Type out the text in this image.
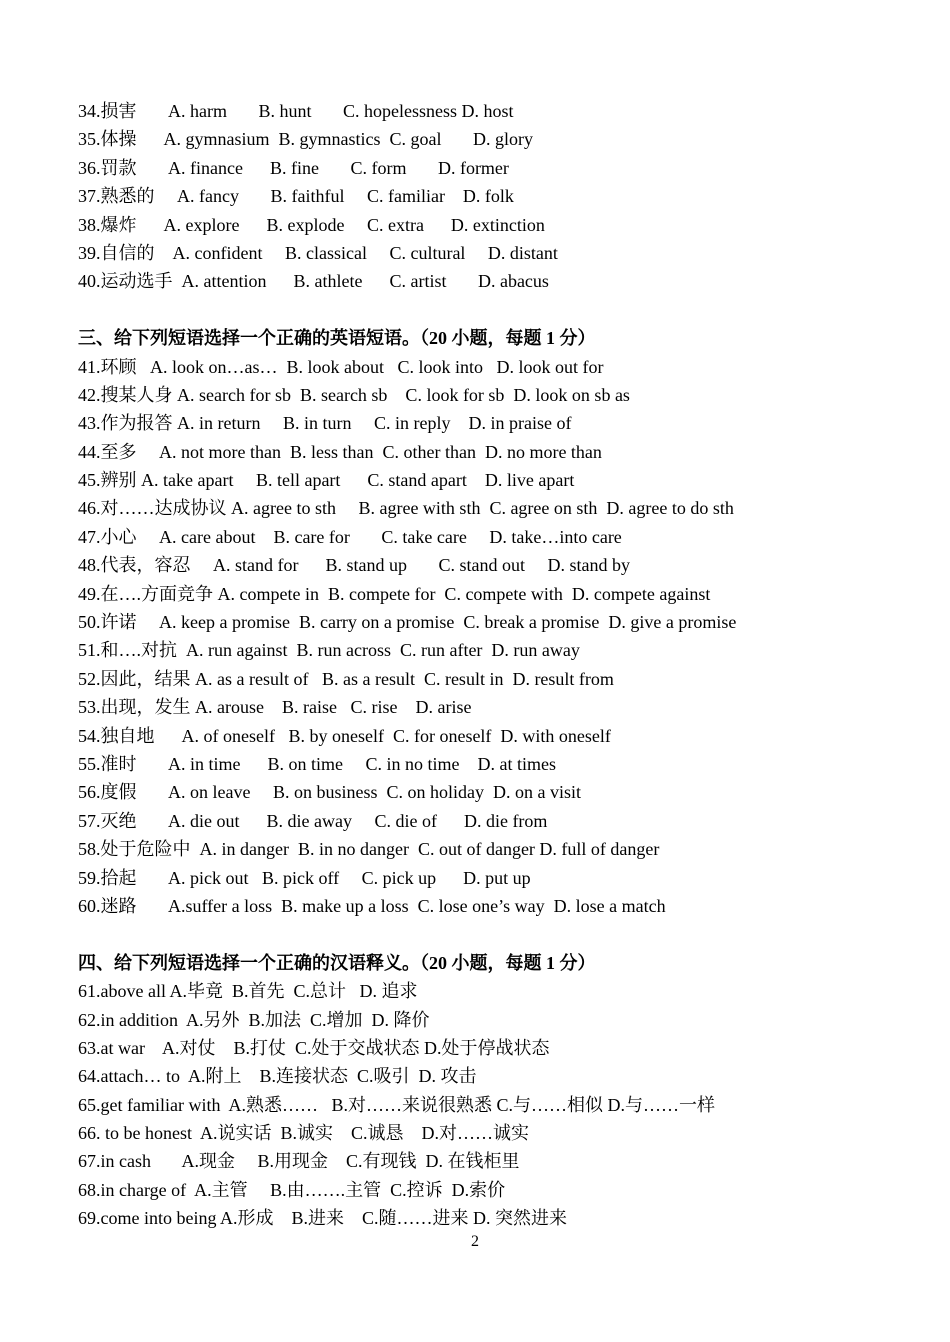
34.损害       A. harm       B. hunt       C. hopelessness D. host
35.体操      A. gymnasium  B. gymnastics  C. goal       D. glory
36.罚款       A. finance      B. fine       C. form       D. former
37.熟悉的     A. fancy       B. faithful     C. familiar    D. folk
38.爆炸      A. explore      B. explode     C. extra      D. extinction
39.自信的    A. confident     B. classical     C. cultural     D. distant
40.运动选手  A. attention      B. athlete      C. artist       D. abacus
三、给下列短语选择一个正确的英语短语。（20 小题，每题 1 分）
41.环顾   A. look on…as…  B. look about   C. look into   D. look out for
42.搜某人身 A. search for sb  B. search sb    C. look for sb  D. look on sb as
43.作为报答 A. in return     B. in turn     C. in reply    D. in praise of
44.至多     A. not more than  B. less than  C. other than  D. no more than
45.辨别 A. take apart     B. tell apart      C. stand apart    D. live apart
46.对……达成协议 A. agree to sth     B. agree with sth  C. agree on sth  D. agree to do sth
47.小心     A. care about    B. care for       C. take care     D. take…into care
48.代表，容忍     A. stand for      B. stand up       C. stand out     D. stand by
49.在….方面竞争 A. compete in  B. compete for  C. compete with  D. compete against
50.许诺     A. keep a promise  B. carry on a promise  C. break a promise  D. give a promise
51.和….对抗  A. run against  B. run across  C. run after  D. run away
52.因此，结果 A. as a result of   B. as a result  C. result in  D. result from
53.出现，发生 A. arouse    B. raise   C. rise    D. arise
54.独自地      A. of oneself   B. by oneself  C. for oneself  D. with oneself
55.准时       A. in time      B. on time     C. in no time    D. at times
56.度假       A. on leave     B. on business  C. on holiday  D. on a visit
57.灭绝       A. die out      B. die away     C. die of      D. die from
58.处于危险中  A. in danger  B. in no danger  C. out of danger D. full of danger
59.拾起       A. pick out   B. pick off     C. pick up      D. put up
60.迷路       A.suffer a loss  B. make up a loss  C. lose one’s way  D. lose a match
四、给下列短语选择一个正确的汉语释义。（20 小题，每题 1 分）
61.above all A.毕竟  B.首先  C.总计   D. 追求
62.in addition  A.另外  B.加法  C.增加  D. 降价
63.at war    A.对仗    B.打仗  C.处于交战状态 D.处于停战状态
64.attach… to  A.附上    B.连接状态  C.吸引  D. 攻击
65.get familiar with  A.熟悉……   B.对……来说很熟悉 C.与……相似 D.与……一样
66. to be honest  A.说实话  B.诚实    C.诚恳    D.对……诚实
67.in cash       A.现金     B.用现金    C.有现钱  D. 在钱柜里
68.in charge of  A.主管     B.由…….主管  C.控诉  D.索价
69.come into being A.形成    B.进来    C.随……进来 D. 突然进来
2
